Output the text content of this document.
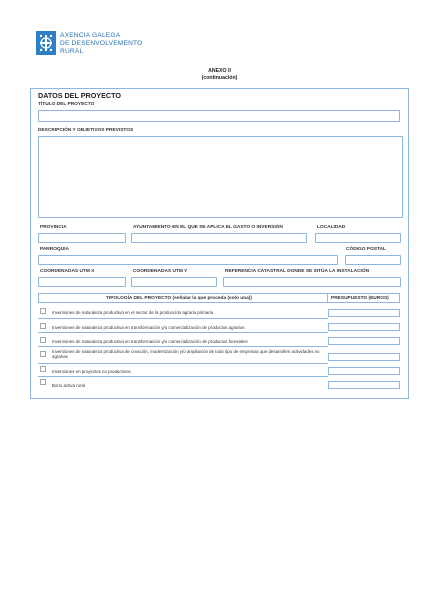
AXENCIA GALEGA
DE DESENVOLVEMENTO
RURAL
ANEXO II
(continuación)
DATOS DEL PROYECTO
TÍTULO DEL PROYECTO
DESCRIPCIÓN Y OBJETIVOS PREVISTOS
PROVINCIA	AYUNTAMIENTO EN EL QUE SE APLICA EL GASTO O INVERSIÓN	LOCALIDAD
PARROQUIA	CÓDIGO POSTAL
COORDENADAS UTM X	COORDENADAS UTM Y	REFERENCIA CATASTRAL DONDE SE SITÚA LA INSTALACIÓN
TIPOLOGÍA DEL PROYECTO (señalar la que proceda (solo una))	PRESUPUESTO (EUROS)
Inversiones de naturaleza productiva en el sector de la producción agraria primaria
Inversiones de naturaleza productiva en transformación y/o comercialización de productos agrarios
Inversiones de naturaleza productiva en transformación y/o comercialización de productos forestales
Inversiones de naturaleza productiva de creación, modernización y/o ampliación de todo tipo de empresas que desarrollen actividades no agrarias
Inversiones en proyectos no productivos
Bono activa rural
